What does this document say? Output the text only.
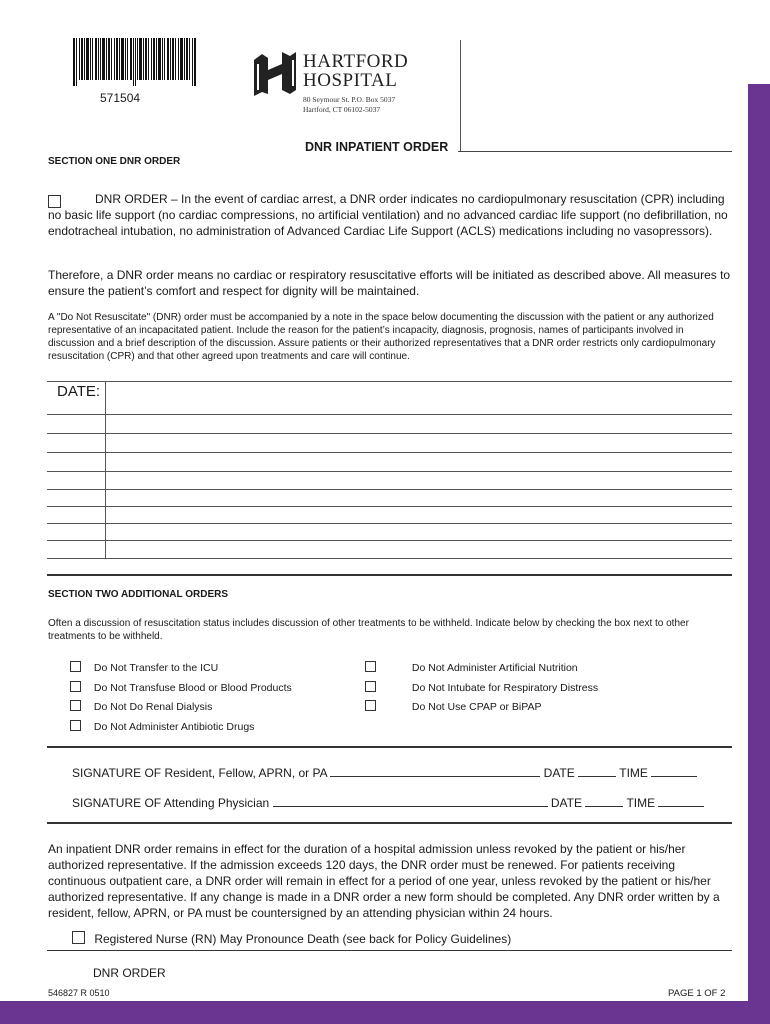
571504
HARTFORD
HOSPITAL
80 Seymour St. P.O. Box 5037
Hartford, CT 06102-5037
DNR INPATIENT ORDER
SECTION ONE DNR ORDER
DNR ORDER – In the event of cardiac arrest, a DNR order indicates no cardiopulmonary resuscitation (CPR) including no basic life support (no cardiac compressions, no artificial ventilation) and no advanced cardiac life support (no defibrillation, no endotracheal intubation, no administration of Advanced Cardiac Life Support (ACLS) medications including no vasopressors).
Therefore, a DNR order means no cardiac or respiratory resuscitative efforts will be initiated as described above. All measures to ensure the patient’s comfort and respect for dignity will be maintained.
A "Do Not Resuscitate" (DNR) order must be accompanied by a note in the space below documenting the discussion with the patient or any authorized representative of an incapacitated patient. Include the reason for the patient’s incapacity, diagnosis, prognosis, names of participants involved in discussion and a brief description of the discussion. Assure patients or their authorized representatives that a DNR order restricts only cardiopulmonary resuscitation (CPR) and that other agreed upon treatments and care will continue.
DATE:
SECTION TWO ADDITIONAL ORDERS
Often a discussion of resuscitation status includes discussion of other treatments to be withheld. Indicate below by checking the box next to other treatments to be withheld.
Do Not Transfer to the ICU
Do Not Transfuse Blood or Blood Products
Do Not Do Renal Dialysis
Do Not Administer Antibiotic Drugs
Do Not Administer Artificial Nutrition
Do Not Intubate for Respiratory Distress
Do Not Use CPAP or BiPAP
SIGNATURE OF Resident, Fellow, APRN, or PA	DATE	TIME
SIGNATURE OF Attending Physician	DATE	TIME
An inpatient DNR order remains in effect for the duration of a hospital admission unless revoked by the patient or his/her authorized representative. If the admission exceeds 120 days, the DNR order must be renewed. For patients receiving continuous outpatient care, a DNR order will remain in effect for a period of one year, unless revoked by the patient or his/her authorized representative. If any change is made in a DNR order a new form should be completed. Any DNR order written by a resident, fellow, APRN, or PA must be countersigned by an attending physician within 24 hours.
Registered Nurse (RN) May Pronounce Death (see back for Policy Guidelines)
DNR ORDER
546827 R 0510	PAGE 1 OF 2
